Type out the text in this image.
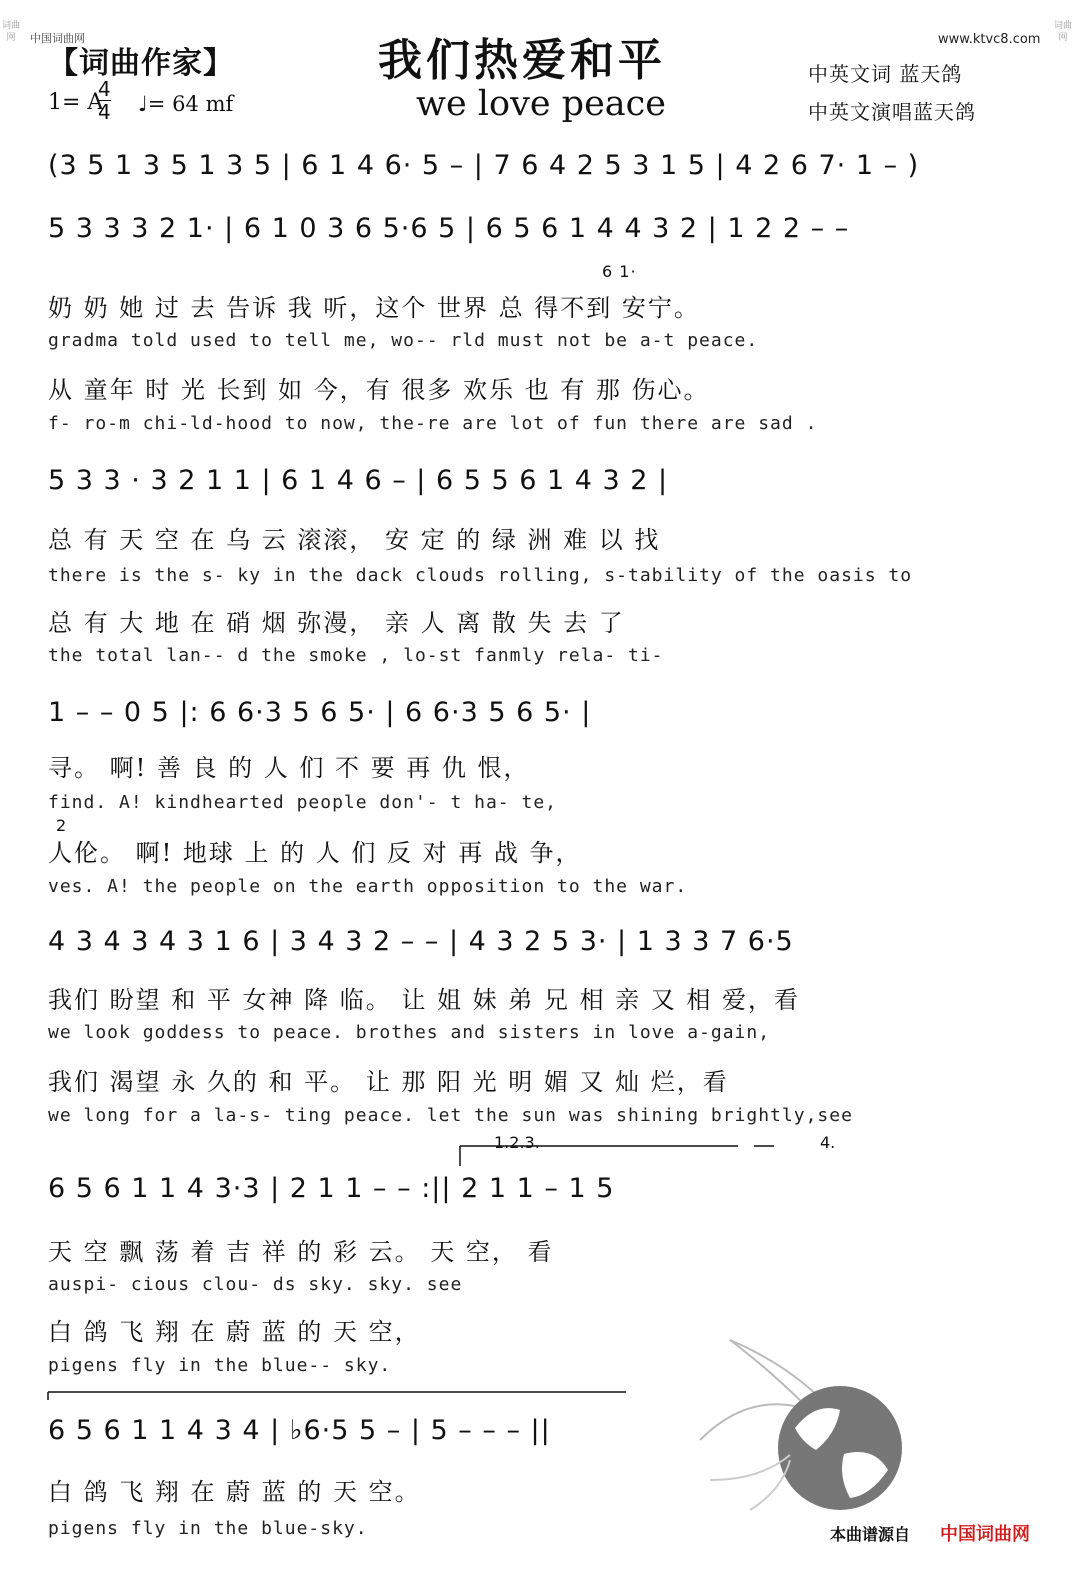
中国词曲网	www.ktvc8.com
词曲网
词曲网
【词曲作家】	我们热爱和平
we love peace
中英文词 蓝天鸽
中英文演唱蓝天鸽
1= A
4
4 ♩= 64 mf
(3 5 1 3 5 1 3 5 | 6 1 4 6· 5 – | 7 6 4 2 5 3 1 5 | 4 2 6 7· 1 – )
5 3 3 3 2 1· | 6 1 0 3 6 5·6 5 | 6 5 6 1 4 4 3 2 | 1 2 2 – –
6 1·
奶 奶 她 过 去 告诉 我 听，这个 世界 总 得不到 安宁。
gradma told used to tell me, wo-- rld must not be a-t peace.
从 童年 时 光 长到 如 今，有 很多 欢乐 也 有 那 伤心。
f- ro-m chi-ld-hood to now, the-re are lot of fun there are sad .
5 3 3 · 3 2 1 1 | 6 1 4 6 – | 6 5 5 6 1 4 3 2 |
总 有 天 空 在 乌 云 滚滚， 安 定 的 绿 洲 难 以 找
there is the s- ky in the dack clouds rolling, s-tability of the oasis to
总 有 大 地 在 硝 烟 弥漫， 亲 人 离 散 失 去 了
the total lan-- d the smoke , lo-st fanmly rela- ti-
1 – – 0 5 |: 6 6·3 5 6 5· | 6 6·3 5 6 5· |
寻。 啊! 善 良 的 人 们 不 要 再 仇 恨，
find. A! kindhearted people don'- t ha- te,
2
人伦。 啊! 地球 上 的 人 们 反 对 再 战 争，
ves. A! the people on the earth opposition to the war.
4 3 4 3 4 3 1 6 | 3 4 3 2 – – | 4 3 2 5 3· | 1 3 3 7 6·5
我们 盼望 和 平 女神 降 临。 让 姐 妹 弟 兄 相 亲 又 相 爱，看
we look goddess to peace. brothes and sisters in love a-gain,
我们 渴望 永 久的 和 平。 让 那 阳 光 明 媚 又 灿 烂，看
we long for a la-s- ting peace. let the sun was shining brightly,see
1.2.3.	4.
6 5 6 1 1 4 3·3 | 2 1 1 – – :|| 2 1 1 – 1 5
天 空 飘 荡 着 吉 祥 的 彩 云。 天 空， 看
auspi- cious clou- ds sky. sky. see
白 鸽 飞 翔 在 蔚 蓝 的 天 空，
pigens fly in the blue-- sky.
6 5 6 1 1 4 3 4 | ♭6·5 5 – | 5 – – – ||
白 鸽 飞 翔 在 蔚 蓝 的 天 空。
pigens fly in the blue-sky.	本曲谱源自 中国词曲网
